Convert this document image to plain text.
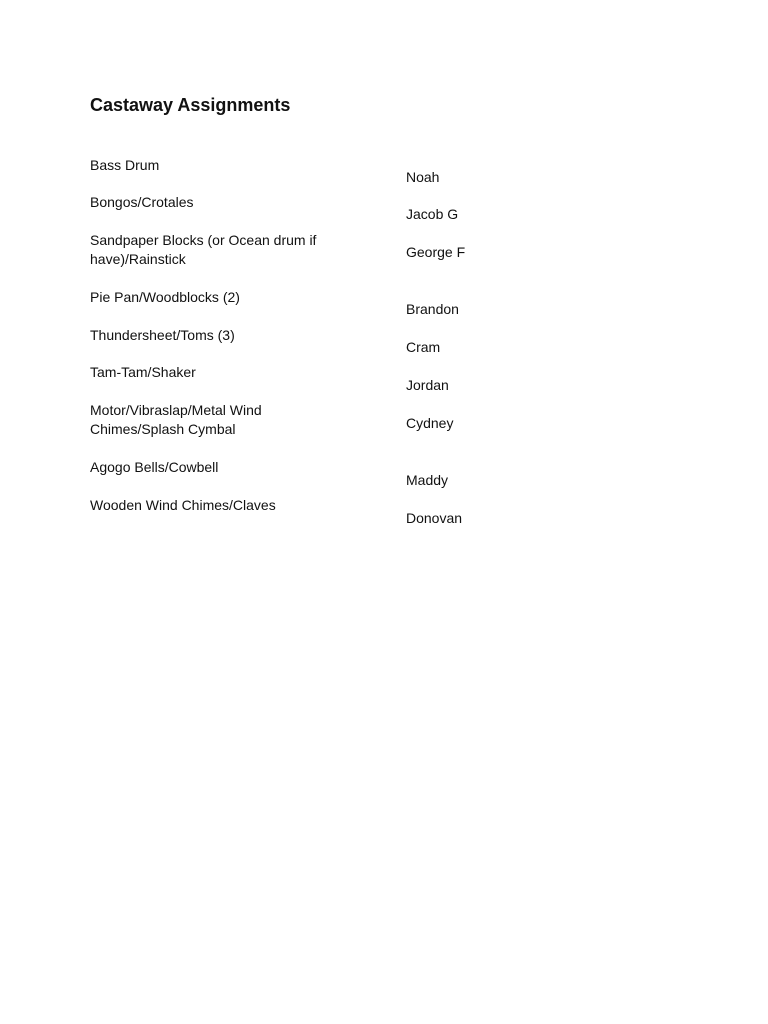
Castaway Assignments
Bass Drum
Bongos/Crotales
Sandpaper Blocks (or Ocean drum if have)/Rainstick
Pie Pan/Woodblocks (2)
Thundersheet/Toms (3)
Tam-Tam/Shaker
Motor/Vibraslap/Metal Wind Chimes/Splash Cymbal
Agogo Bells/Cowbell
Wooden Wind Chimes/Claves
Noah
Jacob G
George F
Brandon
Cram
Jordan
Cydney
Maddy
Donovan
